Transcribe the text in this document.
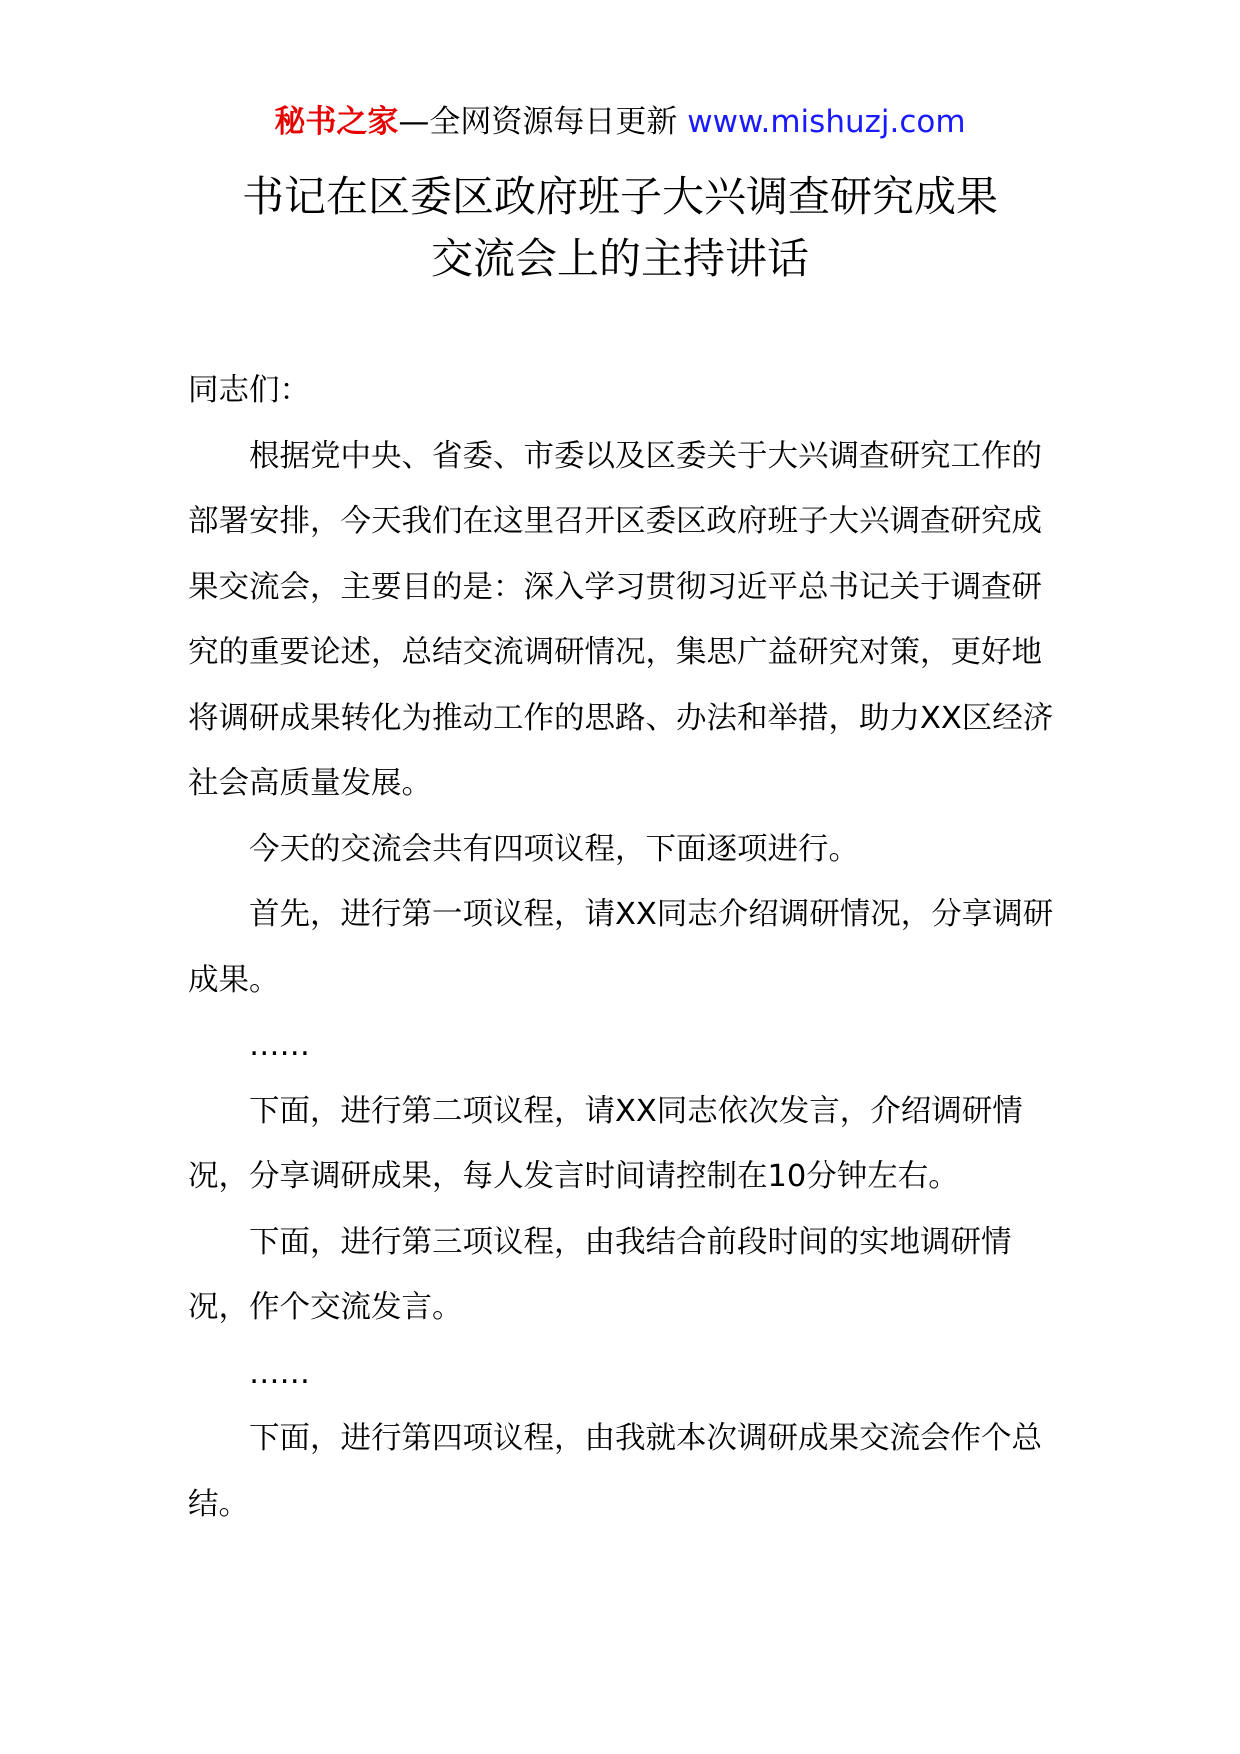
秘书之家—全网资源每日更新 www.mishuzj.com
书记在区委区政府班子大兴调查研究成果
交流会上的主持讲话

同志们：

根据党中央、省委、市委以及区委关于大兴调查研究工作的部署安排，今天我们在这里召开区委区政府班子大兴调查研究成果交流会，主要目的是：深入学习贯彻习近平总书记关于调查研究的重要论述，总结交流调研情况，集思广益研究对策，更好地将调研成果转化为推动工作的思路、办法和举措，助力XX区经济社会高质量发展。

今天的交流会共有四项议程，下面逐项进行。

首先，进行第一项议程，请XX同志介绍调研情况，分享调研成果。

……

下面，进行第二项议程，请XX同志依次发言，介绍调研情况，分享调研成果，每人发言时间请控制在10分钟左右。

下面，进行第三项议程，由我结合前段时间的实地调研情况，作个交流发言。

……

下面，进行第四项议程，由我就本次调研成果交流会作个总结。
